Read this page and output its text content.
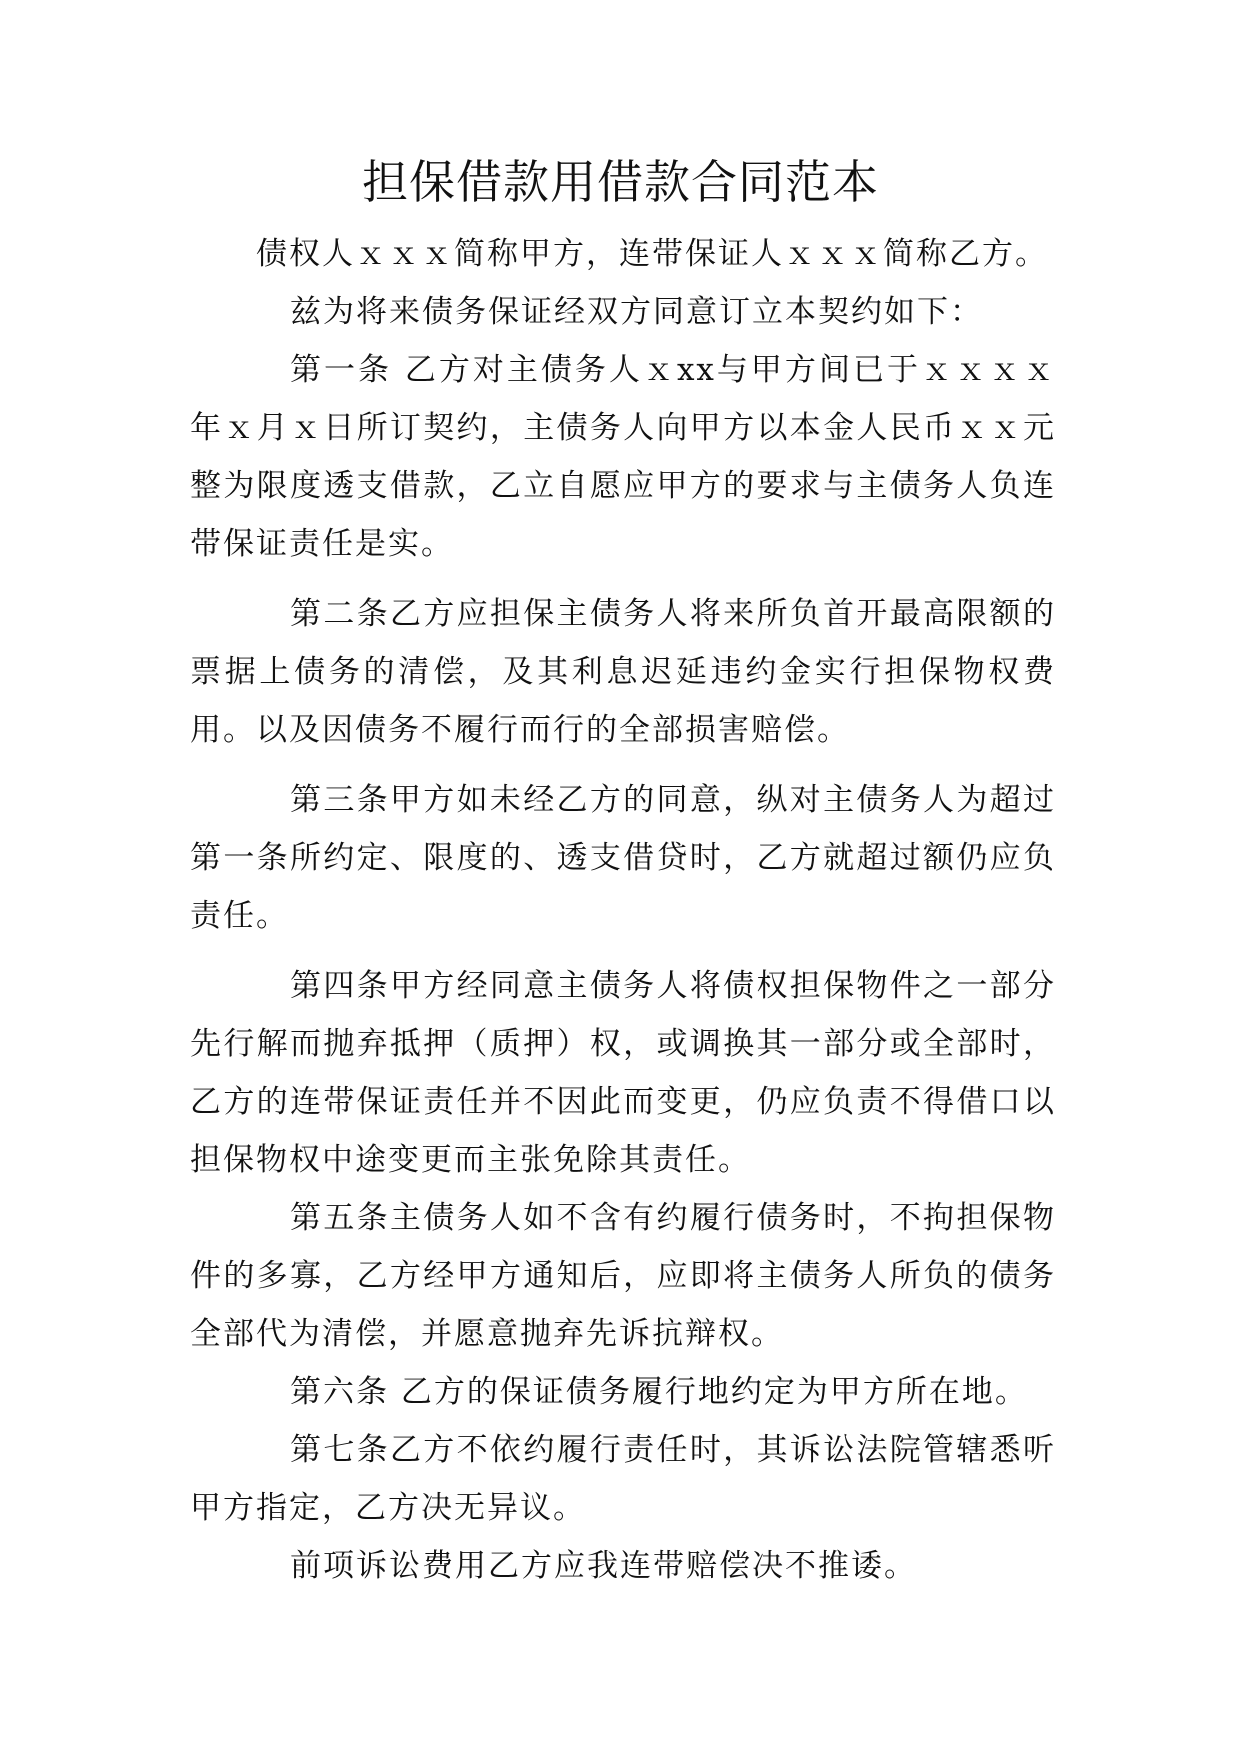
担保借款用借款合同范本

债权人ｘｘｘ简称甲方，连带保证人ｘｘｘ简称乙方。

兹为将来债务保证经双方同意订立本契约如下：

第一条 乙方对主债务人ｘxx与甲方间已于ｘｘｘｘ年ｘ月ｘ日所订契约，主债务人向甲方以本金人民币ｘｘ元整为限度透支借款，乙立自愿应甲方的要求与主债务人负连带保证责任是实。

第二条乙方应担保主债务人将来所负首开最高限额的票据上债务的清偿，及其利息迟延违约金实行担保物权费用。以及因债务不履行而行的全部损害赔偿。

第三条甲方如未经乙方的同意，纵对主债务人为超过第一条所约定、限度的、透支借贷时，乙方就超过额仍应负责任。

第四条甲方经同意主债务人将债权担保物件之一部分先行解而抛弃抵押（质押）权，或调换其一部分或全部时，乙方的连带保证责任并不因此而变更，仍应负责不得借口以担保物权中途变更而主张免除其责任。

第五条主债务人如不含有约履行债务时，不拘担保物件的多寡，乙方经甲方通知后，应即将主债务人所负的债务全部代为清偿，并愿意抛弃先诉抗辩权。

第六条 乙方的保证债务履行地约定为甲方所在地。

第七条乙方不依约履行责任时，其诉讼法院管辖悉听甲方指定，乙方决无异议。

前项诉讼费用乙方应我连带赔偿决不推诿。
